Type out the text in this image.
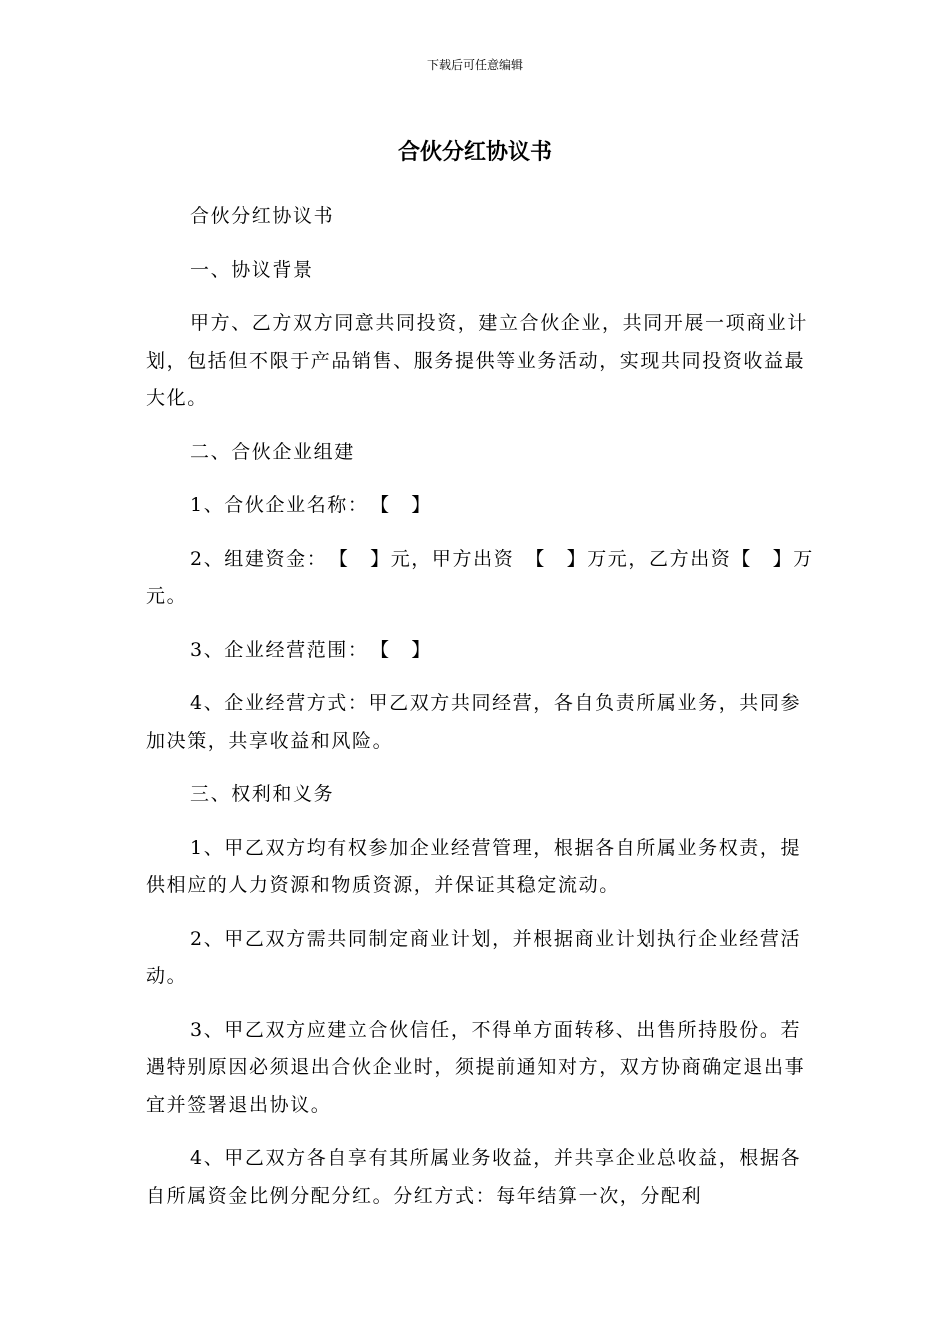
下载后可任意编辑
合伙分红协议书

合伙分红协议书

一、协议背景

甲方、乙方双方同意共同投资，建立合伙企业，共同开展一项商业计划，包括但不限于产品销售、服务提供等业务活动，实现共同投资收益最大化。

二、合伙企业组建

1、合伙企业名称：　【　】

2、组建资金：　【　】元，甲方出资　【　】万元，乙方出资【　】万元。

3、企业经营范围：　【　】

4、企业经营方式：甲乙双方共同经营，各自负责所属业务，共同参加决策，共享收益和风险。

三、权利和义务

1、甲乙双方均有权参加企业经营管理，根据各自所属业务权责，提供相应的人力资源和物质资源，并保证其稳定流动。

2、甲乙双方需共同制定商业计划，并根据商业计划执行企业经营活动。

3、甲乙双方应建立合伙信任，不得单方面转移、出售所持股份。若遇特别原因必须退出合伙企业时，须提前通知对方，双方协商确定退出事宜并签署退出协议。

4、甲乙双方各自享有其所属业务收益，并共享企业总收益，根据各自所属资金比例分配分红。分红方式：每年结算一次，分配利
